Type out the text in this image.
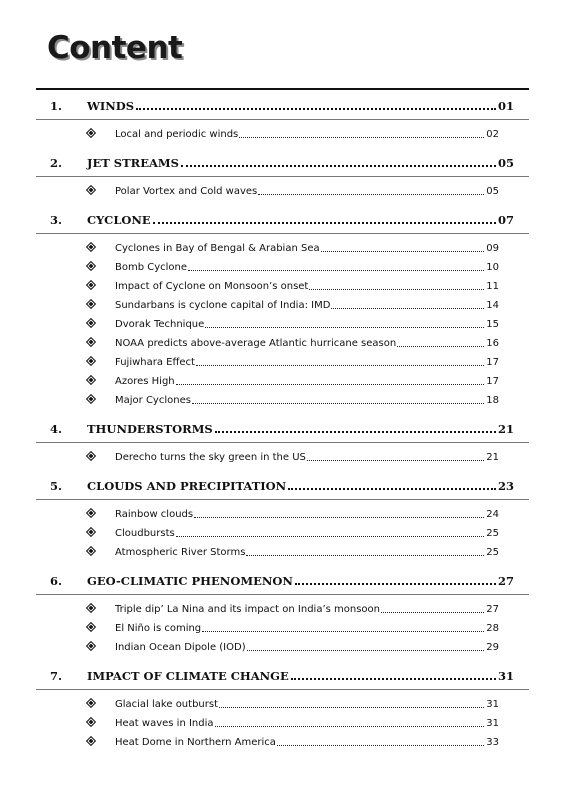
Content
1.	WINDS	01
Local and periodic winds	02
2.	JET STREAMS	05
Polar Vortex and Cold waves	05
3.	CYCLONE	07
Cyclones in Bay of Bengal & Arabian Sea	09
Bomb Cyclone	10
Impact of Cyclone on Monsoon’s onset	11
Sundarbans is cyclone capital of India: IMD	14
Dvorak Technique	15
NOAA predicts above-average Atlantic hurricane season	16
Fujiwhara Effect	17
Azores High	17
Major Cyclones	18
4.	THUNDERSTORMS	21
Derecho turns the sky green in the US	21
5.	CLOUDS AND PRECIPITATION	23
Rainbow clouds	24
Cloudbursts	25
Atmospheric River Storms	25
6.	GEO-CLIMATIC PHENOMENON	27
Triple dip’ La Nina and its impact on India’s monsoon	27
El Niño is coming	28
Indian Ocean Dipole (IOD)	29
7.	IMPACT OF CLIMATE CHANGE	31
Glacial lake outburst	31
Heat waves in India	31
Heat Dome in Northern America	33
